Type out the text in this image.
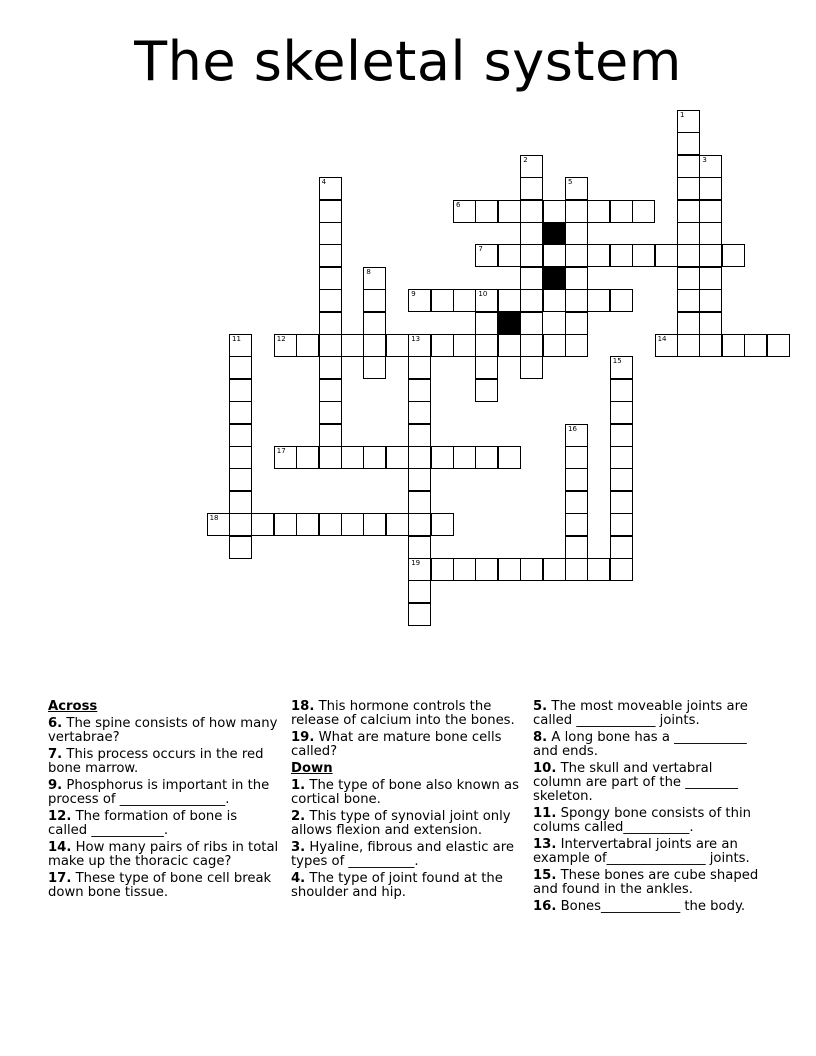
The skeletal system
1
2	3
4	5
6
7
8
9	10
11	12	13
19
14
15
16
17
18
Across
6. The spine consists of how many vertabrae?
7. This process occurs in the red bone marrow.
9. Phosphorus is important in the process of ________________.
12. The formation of bone is called ___________.
14. How many pairs of ribs in total make up the thoracic cage?
17. These type of bone cell break down bone tissue.
18. This hormone controls the release of calcium into the bones.
19. What are mature bone cells called?
Down
1. The type of bone also known as cortical bone.
2. This type of synovial joint only allows flexion and extension.
3. Hyaline, fibrous and elastic are types of __________.
4. The type of joint found at the shoulder and hip.
5. The most moveable joints are called ____________ joints.
8. A long bone has a ___________ and ends.
10. The skull and vertabral column are part of the ________ skeleton.
11. Spongy bone consists of thin colums called__________.
13. Intervertabral joints are an example of_______________ joints.
15. These bones are cube shaped and found in the ankles.
16. Bones____________ the body.
